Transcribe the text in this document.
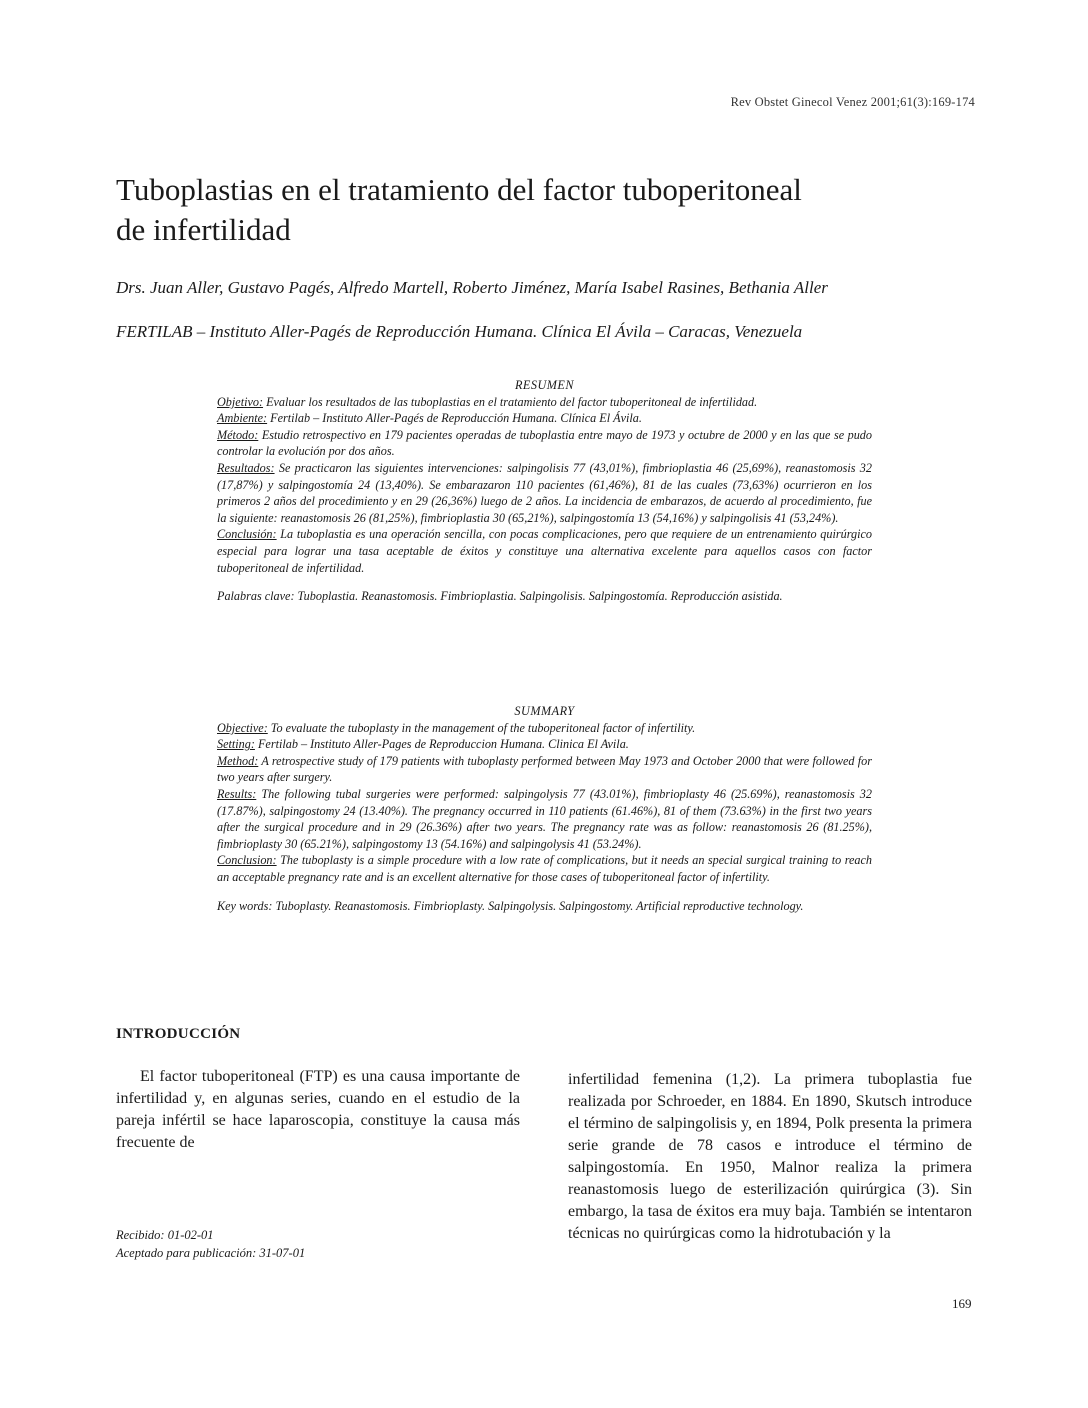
Rev Obstet Ginecol Venez 2001;61(3):169-174
Tuboplastias en el tratamiento del factor tuboperitoneal
de infertilidad
Drs. Juan Aller, Gustavo Pagés, Alfredo Martell, Roberto Jiménez, María Isabel Rasines, Bethania Aller
FERTILAB – Instituto Aller-Pagés de Reproducción Humana. Clínica El Ávila – Caracas, Venezuela
RESUMEN

Objetivo: Evaluar los resultados de las tuboplastias en el tratamiento del factor tuboperitoneal de infertilidad.

Ambiente: Fertilab – Instituto Aller-Pagés de Reproducción Humana. Clínica El Ávila.

Método: Estudio retrospectivo en 179 pacientes operadas de tuboplastia entre mayo de 1973 y octubre de 2000 y en las que se pudo controlar la evolución por dos años.

Resultados: Se practicaron las siguientes intervenciones: salpingolisis 77 (43,01%), fimbrioplastia 46 (25,69%), reanastomosis 32 (17,87%) y salpingostomía 24 (13,40%). Se embarazaron 110 pacientes (61,46%), 81 de las cuales (73,63%) ocurrieron en los primeros 2 años del procedimiento y en 29 (26,36%) luego de 2 años. La incidencia de embarazos, de acuerdo al procedimiento, fue la siguiente: reanastomosis 26 (81,25%), fimbrioplastia 30 (65,21%), salpingostomía 13 (54,16%) y salpingolisis 41 (53,24%).

Conclusión: La tuboplastia es una operación sencilla, con pocas complicaciones, pero que requiere de un entrenamiento quirúrgico especial para lograr una tasa aceptable de éxitos y constituye una alternativa excelente para aquellos casos con factor tuboperitoneal de infertilidad.

Palabras clave: Tuboplastia. Reanastomosis. Fimbrioplastia. Salpingolisis. Salpingostomía. Reproducción asistida.

SUMMARY

Objective: To evaluate the tuboplasty in the management of the tuboperitoneal factor of infertility.

Setting: Fertilab – Instituto Aller-Pages de Reproduccion Humana. Clinica El Avila.

Method: A retrospective study of 179 patients with tuboplasty performed between May 1973 and October 2000 that were followed for two years after surgery.

Results: The following tubal surgeries were performed: salpingolysis 77 (43.01%), fimbrioplasty 46 (25.69%), reanastomosis 32 (17.87%), salpingostomy 24 (13.40%). The pregnancy occurred in 110 patients (61.46%), 81 of them (73.63%) in the first two years after the surgical procedure and in 29 (26.36%) after two years. The pregnancy rate was as follow: reanastomosis 26 (81.25%), fimbrioplasty 30 (65.21%), salpingostomy 13 (54.16%) and salpingolysis 41 (53.24%).

Conclusion: The tuboplasty is a simple procedure with a low rate of complications, but it needs an special surgical training to reach an acceptable pregnancy rate and is an excellent alternative for those cases of tuboperitoneal factor of infertility.

Key words: Tuboplasty. Reanastomosis. Fimbrioplasty. Salpingolysis. Salpingostomy. Artificial reproductive technology.

INTRODUCCIÓN

El factor tuboperitoneal (FTP) es una causa importante de infertilidad y, en algunas series, cuando en el estudio de la pareja infértil se hace laparoscopia, constituye la causa más frecuente de

infertilidad femenina (1,2). La primera tuboplastia fue realizada por Schroeder, en 1884. En 1890, Skutsch introduce el término de salpingolisis y, en 1894, Polk presenta la primera serie grande de 78 casos e introduce el término de salpingostomía. En 1950, Malnor realiza la primera reanastomosis luego de esterilización quirúrgica (3). Sin embargo, la tasa de éxitos era muy baja. También se intentaron técnicas no quirúrgicas como la hidrotubación y la

Recibido: 01-02-01
Aceptado para publicación: 31-07-01
169
